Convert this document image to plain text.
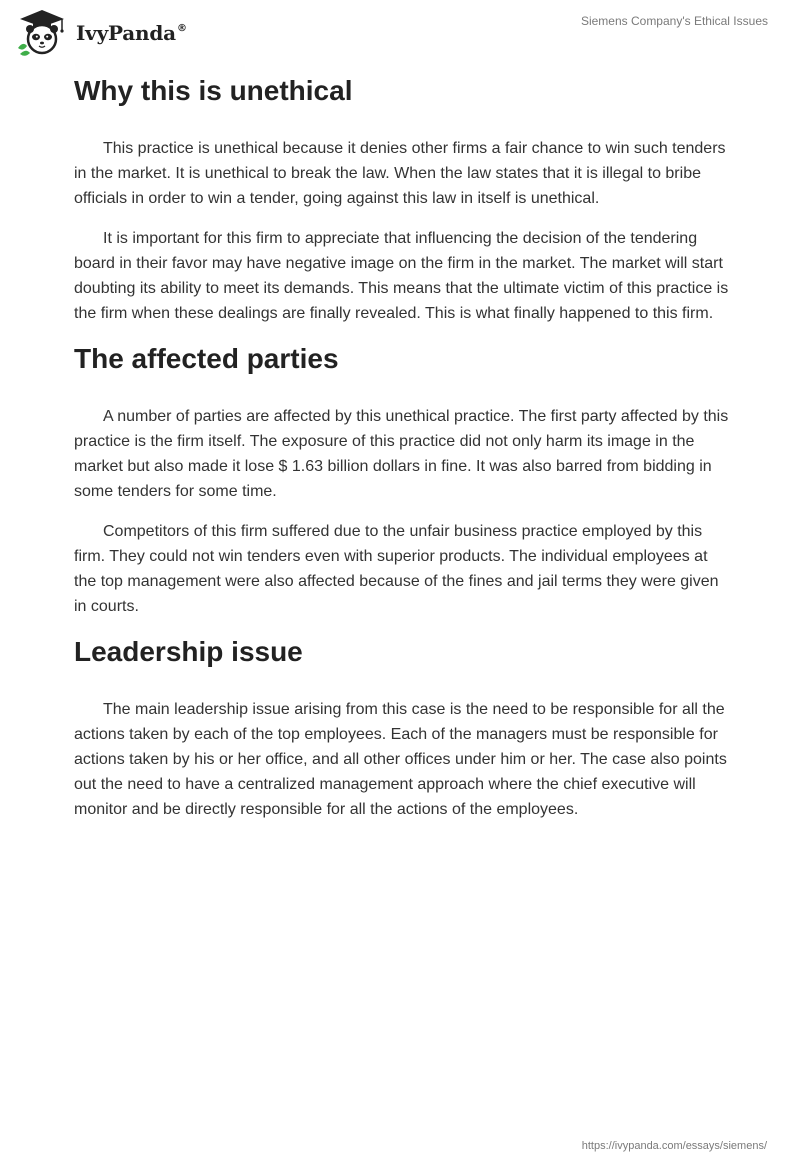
IvyPanda®
Siemens Company's Ethical Issues
Why this is unethical

This practice is unethical because it denies other firms a fair chance to win such tenders in the market. It is unethical to break the law. When the law states that it is illegal to bribe officials in order to win a tender, going against this law in itself is unethical.

It is important for this firm to appreciate that influencing the decision of the tendering board in their favor may have negative image on the firm in the market. The market will start doubting its ability to meet its demands. This means that the ultimate victim of this practice is the firm when these dealings are finally revealed. This is what finally happened to this firm.

The affected parties

A number of parties are affected by this unethical practice. The first party affected by this practice is the firm itself. The exposure of this practice did not only harm its image in the market but also made it lose $ 1.63 billion dollars in fine. It was also barred from bidding in some tenders for some time.

Competitors of this firm suffered due to the unfair business practice employed by this firm. They could not win tenders even with superior products. The individual employees at the top management were also affected because of the fines and jail terms they were given in courts.

Leadership issue

The main leadership issue arising from this case is the need to be responsible for all the actions taken by each of the top employees. Each of the managers must be responsible for actions taken by his or her office, and all other offices under him or her. The case also points out the need to have a centralized management approach where the chief executive will monitor and be directly responsible for all the actions of the employees.

https://ivypanda.com/essays/siemens/
